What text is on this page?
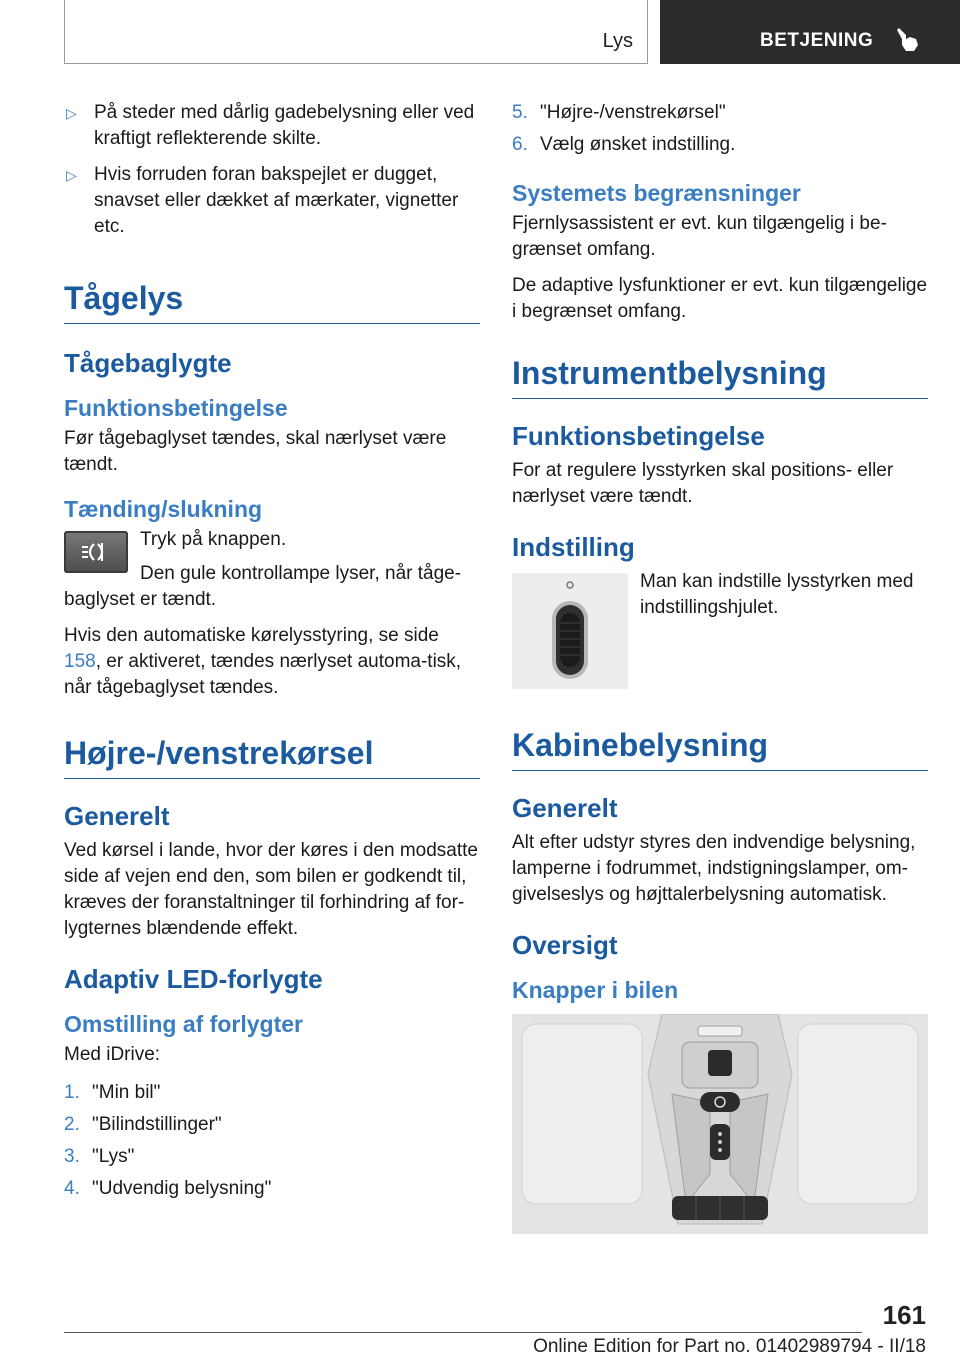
Lys	BETJENING
▷ På steder med dårlig gadebelysning eller ved kraftigt reflekterende skilte.
▷ Hvis forruden foran bakspejlet er dugget, snavset eller dækket af mærkater, vignetter etc.
Tågelys
Tågebaglygte
Funktionsbetingelse

Før tågebaglyset tændes, skal nærlyset være tændt.

Tænding/slukning

Tryk på knappen.

Den gule kontrollampe lyser, når tåge-baglyset er tændt.

Hvis den automatiske kørelysstyring, se side 158, er aktiveret, tændes nærlyset automa-tisk, når tågebaglyset tændes.

Højre-/venstrekørsel
Generelt

Ved kørsel i lande, hvor der køres i den modsatte side af vejen end den, som bilen er godkendt til, kræves der foranstaltninger til forhindring af for-lygternes blændende effekt.

Adaptiv LED-forlygte
Omstilling af forlygter

Med iDrive:

1. "Min bil"
2. "Bilindstillinger"
3. "Lys"
4. "Udvendig belysning"
5. "Højre-/venstrekørsel"
6. Vælg ønsket indstilling.
Systemets begrænsninger

Fjernlysassistent er evt. kun tilgængelig i be-grænset omfang.

De adaptive lysfunktioner er evt. kun tilgængelige i begrænset omfang.

Instrumentbelysning
Funktionsbetingelse

For at regulere lysstyrken skal positions- eller nærlyset være tændt.

Indstilling

Man kan indstille lysstyrken med indstillingshjulet.

Kabinebelysning
Generelt

Alt efter udstyr styres den indvendige belysning, lamperne i fodrummet, indstigningslamper, om-givelseslys og højttalerbelysning automatisk.

Oversigt
Knapper i bilen
161
Online Edition for Part no. 01402989794 - II/18
